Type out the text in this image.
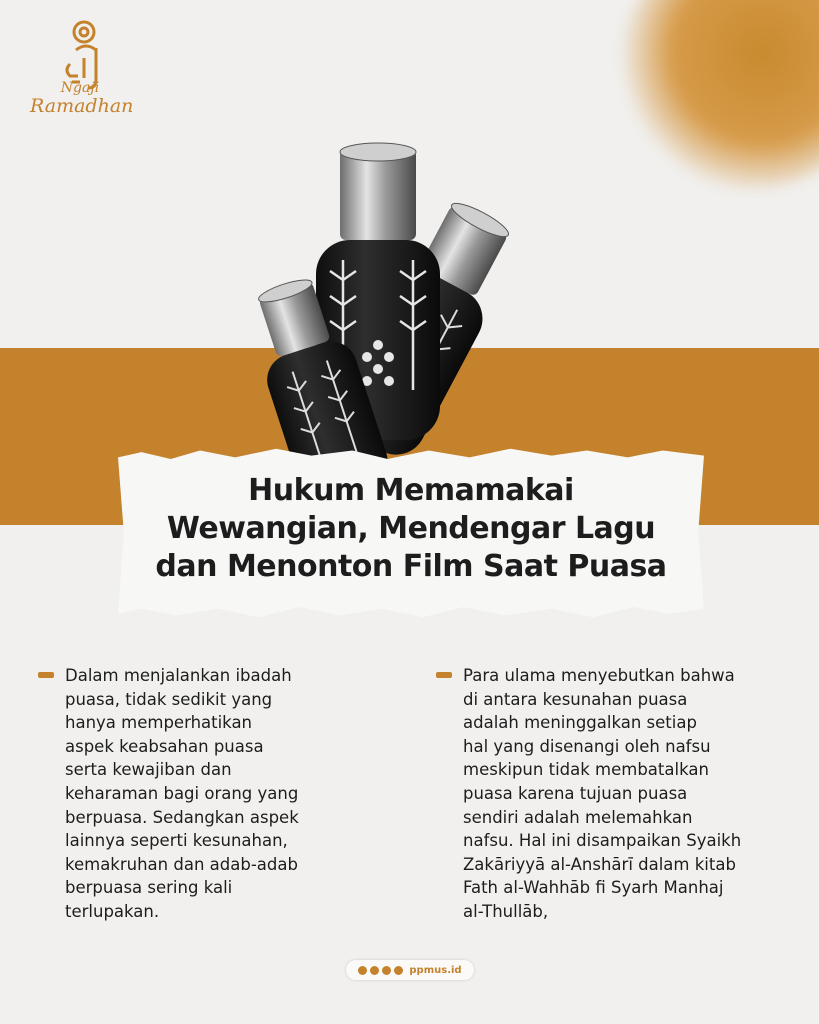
Ngaji
Ramadhan
Hukum Memamakai
Wewangian, Mendengar Lagu
dan Menonton Film Saat Puasa
Dalam menjalankan ibadah
puasa, tidak sedikit yang
hanya memperhatikan
aspek keabsahan puasa
serta kewajiban dan
keharaman bagi orang yang
berpuasa. Sedangkan aspek
lainnya seperti kesunahan,
kemakruhan dan adab-adab
berpuasa sering kali
terlupakan.
Para ulama menyebutkan bahwa
di antara kesunahan puasa
adalah meninggalkan setiap
hal yang disenangi oleh nafsu
meskipun tidak membatalkan
puasa karena tujuan puasa
sendiri adalah melemahkan
nafsu. Hal ini disampaikan Syaikh
Zakāriyyā al-Anshārī dalam kitab
Fath al-Wahhāb fi Syarh Manhaj
al-Thullāb,
ppmus.id
